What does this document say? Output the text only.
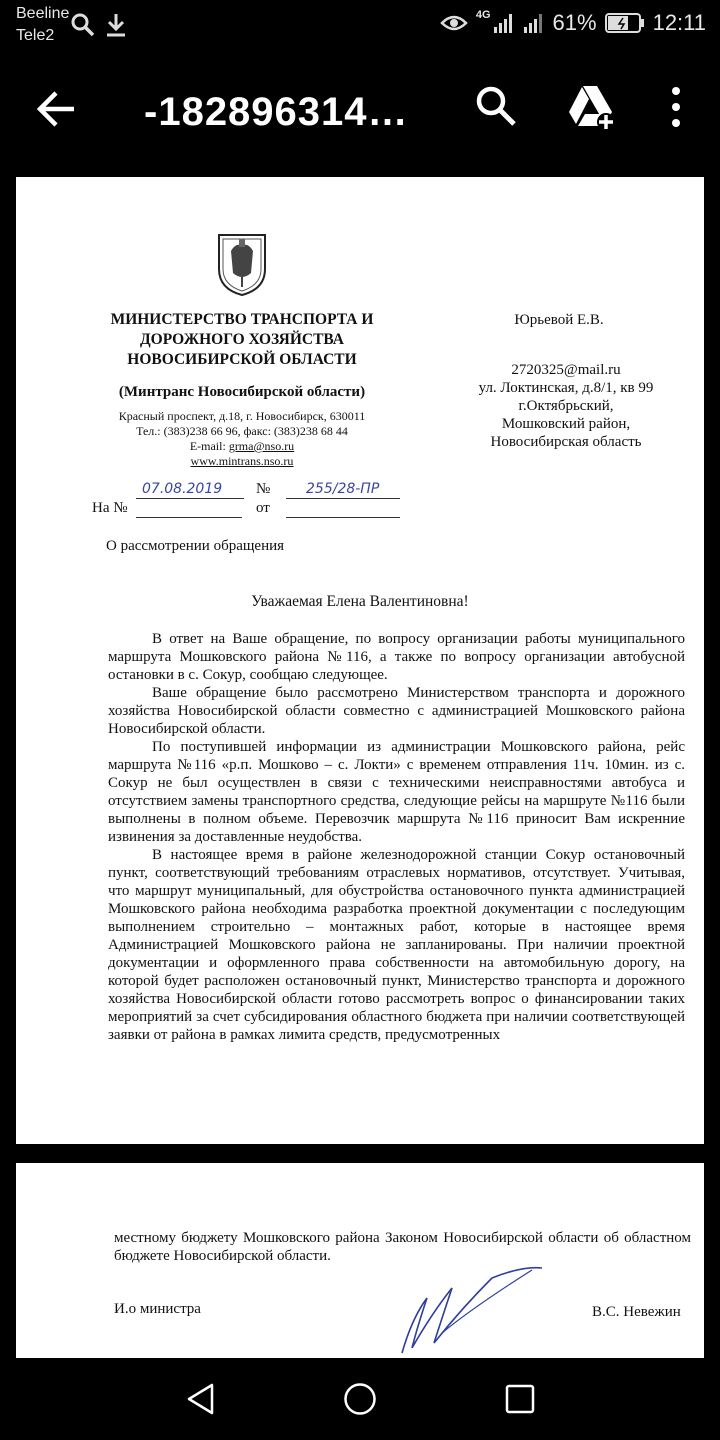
Beeline
Tele2
4G	61%	12:11
-182896314…
МИНИСТЕРСТВО ТРАНСПОРТА И ДОРОЖНОГО ХОЗЯЙСТВА НОВОСИБИРСКОЙ ОБЛАСТИ
(Минтранс Новосибирской области)
Красный проспект, д.18, г. Новосибирск, 630011
Тел.: (383)238 66 96, факс: (383)238 68 44
E-mail: grma@nso.ru
www.mintrans.nso.ru
Юрьевой Е.В.
2720325@mail.ru
ул. Локтинская, д.8/1, кв 99
г.Октябрьский,
Мошковский район,
Новосибирская область
07.08.2019 №	255/28-ПР
На №	от
О рассмотрении обращения
Уважаемая Елена Валентиновна!

В ответ на Ваше обращение, по вопросу организации работы муниципального маршрута Мошковского района №116, а также по вопросу организации автобусной остановки в с. Сокур, сообщаю следующее.

Ваше обращение было рассмотрено Министерством транспорта и дорожного хозяйства Новосибирской области совместно с администрацией Мошковского района Новосибирской области.

По поступившей информации из администрации Мошковского района, рейс маршрута №116 «р.п. Мошково – с. Локти» с временем отправления 11ч. 10мин. из с. Сокур не был осуществлен в связи с техническими неисправностями автобуса и отсутствием замены транспортного средства, следующие рейсы на маршруте №116 были выполнены в полном объеме. Перевозчик маршрута №116 приносит Вам искренние извинения за доставленные неудобства.

В настоящее время в районе железнодорожной станции Сокур остановочный пункт, соответствующий требованиям отраслевых нормативов, отсутствует. Учитывая, что маршрут муниципальный, для обустройства остановочного пункта администрацией Мошковского района необходима разработка проектной документации с последующим выполнением строительно – монтажных работ, которые в настоящее время Администрацией Мошковского района не запланированы. При наличии проектной документации и оформленного права собственности на автомобильную дорогу, на которой будет расположен остановочный пункт, Министерство транспорта и дорожного хозяйства Новосибирской области готово рассмотреть вопрос о финансировании таких мероприятий за счет субсидирования областного бюджета при наличии соответствующей заявки от района в рамках лимита средств, предусмотренных

местному бюджету Мошковского района Законом Новосибирской области об областном бюджете Новосибирской области.
И.о министра	В.С. Невежин
